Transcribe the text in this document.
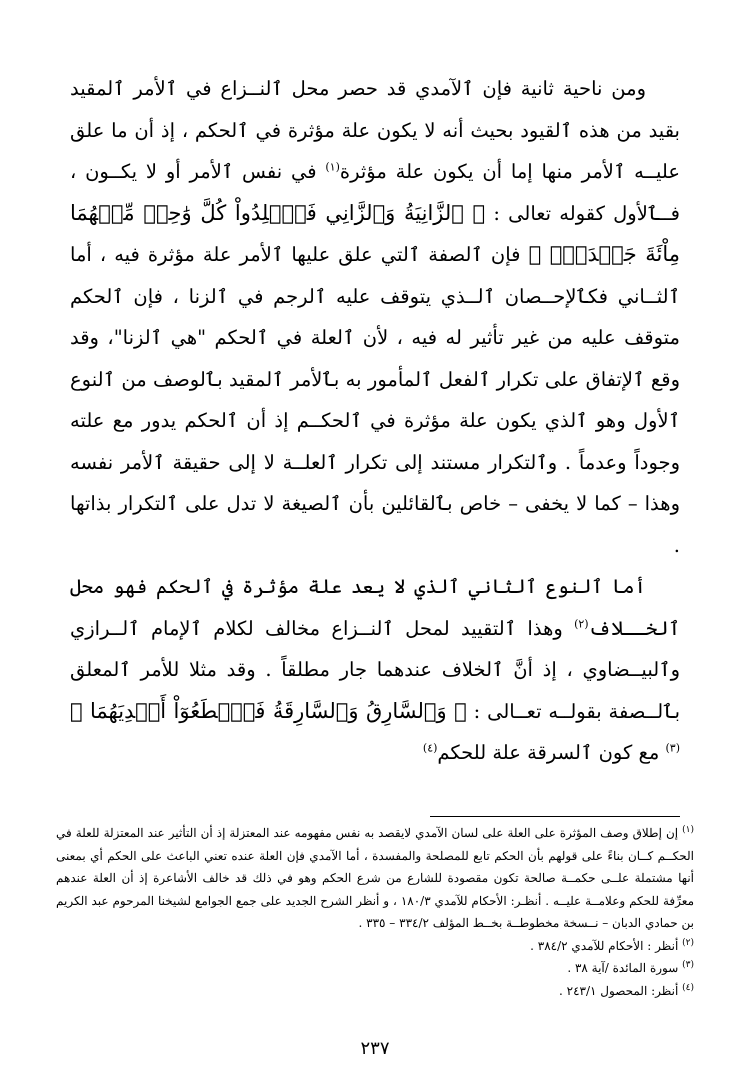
ومن ناحية ثانية فإن ٱلآمدي قد حصر محل ٱلنــزاع في ٱلأمر ٱلمقيد بقيد من هذه ٱلقيود بحيث أنه لا يكون علة مؤثرة في ٱلحكم ، إذ أن ما علق عليــه ٱلأمر منها إما أن يكون علة مؤثرة$^{(١)}$ في نفس ٱلأمر أو لا يكــون ، فــٱلأول كقوله تعالى : ﴿ ٱلزَّانِيَةُ وَٱلزَّانِي فَٱجۡلِدُواْ كُلَّ وَٰحِدٖ مِّنۡهُمَا مِاْئَةَ جَلۡدَةٖۖ ﴾ فإن ٱلصفة ٱلتي علق عليها ٱلأمر علة مؤثرة فيه ، أما ٱلثــاني فكٱلإحــصان ٱلــذي يتوقف عليه ٱلرجم في ٱلزنا ، فإن ٱلحكم متوقف عليه من غير تأثير له فيه ، لأن ٱلعلة في ٱلحكم "هي ٱلزنا"، وقد وقع ٱلإتفاق على تكرار ٱلفعل ٱلمأمور به بٱلأمر ٱلمقيد بٱلوصف من ٱلنوع ٱلأول وهو ٱلذي يكون علة مؤثرة في ٱلحكــم إذ أن ٱلحكم يدور مع علته وجوداً وعدماً . وٱلتكرار مستند إلى تكرار ٱلعلــة لا إلى حقيقة ٱلأمر نفسه وهذا – كما لا يخفى – خاص بٱلقائلين بأن ٱلصيغة لا تدل على ٱلتكرار بذاتها .

أما ٱلنوع ٱلثاني ٱلذي لا يعد علة مؤثرة في ٱلحكم فهو محل ٱلخــلاف$^{(٢)}$ وهذا ٱلتقييد لمحل ٱلنــزاع مخالف لكلام ٱلإمام ٱلــرازي وٱلبيــضاوي ، إذ أنَّ ٱلخلاف عندهما جار مطلقاً . وقد مثلا للأمر ٱلمعلق بٱلــصفة بقولــه تعــالى : ﴿ وَٱلسَّارِقُ وَٱلسَّارِقَةُ فَٱقۡطَعُوٓاْ أَيۡدِيَهُمَا ﴾$^{(٣)}$ مع كون ٱلسرقة علة للحكم$^{(٤)}$

$^{(١)}$ إن إطلاق وصف المؤثرة على العلة على لسان الآمدي لايقصد به نفس مفهومه عند المعتزلة إذ أن التأثير عند المعتزلة للعلة في الحكــم كــان بناءً على قولهم بأن الحكم تابع للمصلحة والمفسدة ، أما الآمدي فإن العلة عنده تعني الباعث على الحكم أي بمعنى أنها مشتملة علــى حكمــة صالحة تكون مقصودة للشارع من شرع الحكم وهو في ذلك قد خالف الأشاعرة إذ أن العلة عندهم معرِّفة للحكم وعلامــة عليــه . أنظـر: الأحكام للآمدي ١٨٠/٣ ، و أنظر الشرح الجديد على جمع الجوامع لشيخنا المرحوم عبد الكريم بن حمادي الدبان – نــسخة مخطوطــة بخــط المؤلف ٣٣٤/٢ – ٣٣٥ .

$^{(٢)}$ أنظر : الأحكام للآمدي ٣٨٤/٢ .

$^{(٣)}$ سورة المائدة /آية ٣٨ .

$^{(٤)}$ أنظر: المحصول ٢٤٣/١ .

٢٣٧
